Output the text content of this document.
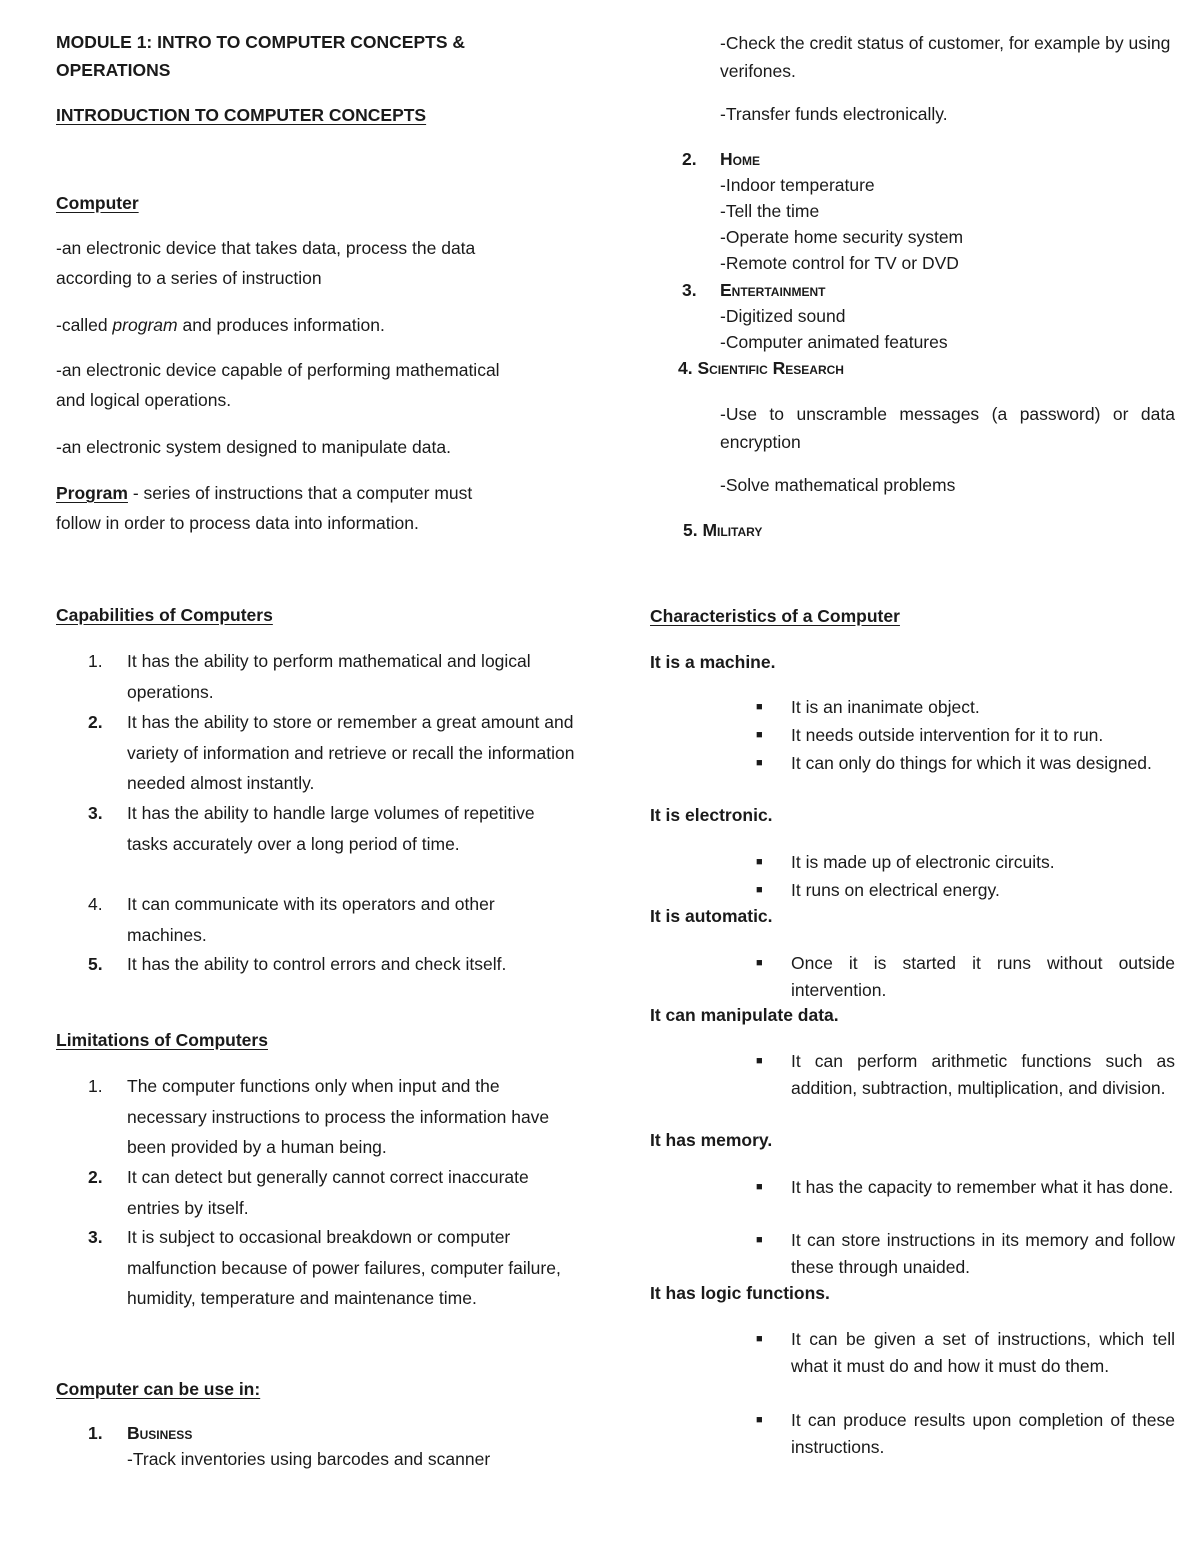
MODULE 1: INTRO TO COMPUTER CONCEPTS &
OPERATIONS
INTRODUCTION TO COMPUTER CONCEPTS
Computer
-an electronic device that takes data, process the data
according to a series of instruction
-called program and produces information.
-an electronic device capable of performing mathematical
and logical operations.
-an electronic system designed to manipulate data.
Program - series of instructions that a computer must
follow in order to process data into information.
Capabilities of Computers
1. It has the ability to perform mathematical and logical operations.
2. It has the ability to store or remember a great amount and variety of information and retrieve or recall the information needed almost instantly.
3. It has the ability to handle large volumes of repetitive tasks accurately over a long period of time.
4. It can communicate with its operators and other machines.
5. It has the ability to control errors and check itself.
Limitations of Computers
1. The computer functions only when input and the necessary instructions to process the information have been provided by a human being.
2. It can detect but generally cannot correct inaccurate entries by itself.
3. It is subject to occasional breakdown or computer malfunction because of power failures, computer failure, humidity, temperature and maintenance time.
Computer can be use in:
1. Business
-Track inventories using barcodes and scanner
-Check the credit status of customer, for example by using verifones.
-Transfer funds electronically.
2. Home
-Indoor temperature
-Tell the time
-Operate home security system
-Remote control for TV or DVD
3. Entertainment
-Digitized sound
-Computer animated features
4. Scientific Research
-Use to unscramble messages (a password) or data encryption
-Solve mathematical problems
5. Military
Characteristics of a Computer
It is a machine.
■ It is an inanimate object.
■ It needs outside intervention for it to run.
■ It can only do things for which it was designed.
It is electronic.
■ It is made up of electronic circuits.
■ It runs on electrical energy.
It is automatic.
■ Once it is started it runs without outside intervention.
It can manipulate data.
■ It can perform arithmetic functions such as addition, subtraction, multiplication, and division.
It has memory.
■ It has the capacity to remember what it has done.
■ It can store instructions in its memory and follow these through unaided.
It has logic functions.
■ It can be given a set of instructions, which tell what it must do and how it must do them.
■ It can produce results upon completion of these instructions.
